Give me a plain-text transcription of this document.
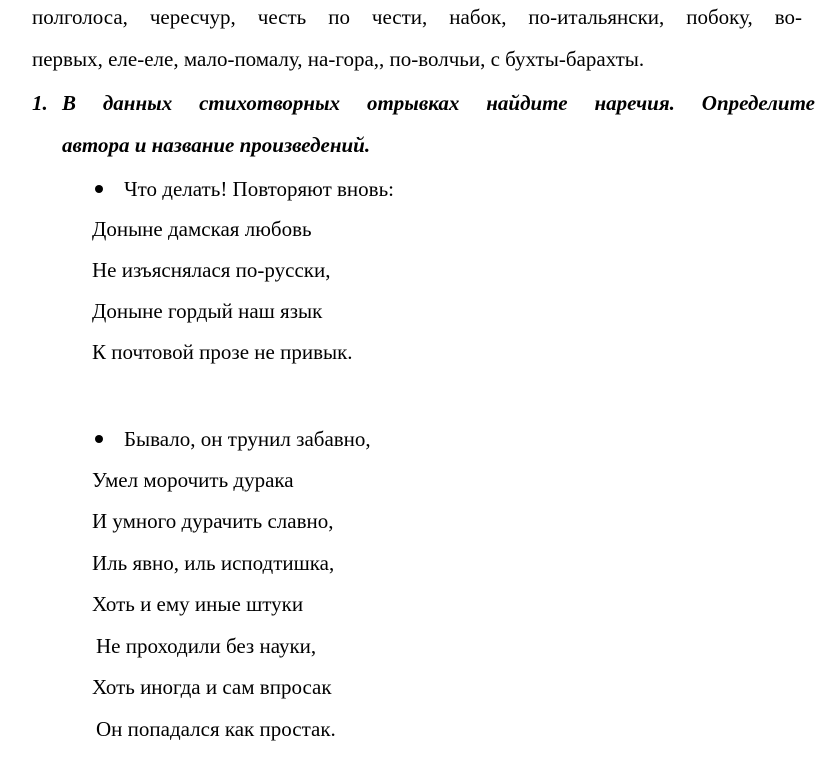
полголоса, чересчур, честь по чести, набок, по-итальянски, побоку, во-
первых, еле-еле, мало-помалу, на-гора,, по-волчьи, с бухты-барахты.
1. В данных стихотворных отрывках найдите наречия. Определите
автора и название произведений.
Что делать! Повторяют вновь:
Доныне дамская любовь
Не изъяснялася по-русски,
Доныне гордый наш язык
К почтовой прозе не привык.
Бывало, он трунил забавно,
Умел морочить дурака
И умного дурачить славно,
Иль явно, иль исподтишка,
Хоть и ему иные штуки
Не проходили без науки,
Хоть иногда и сам впросак
Он попадался как простак.
